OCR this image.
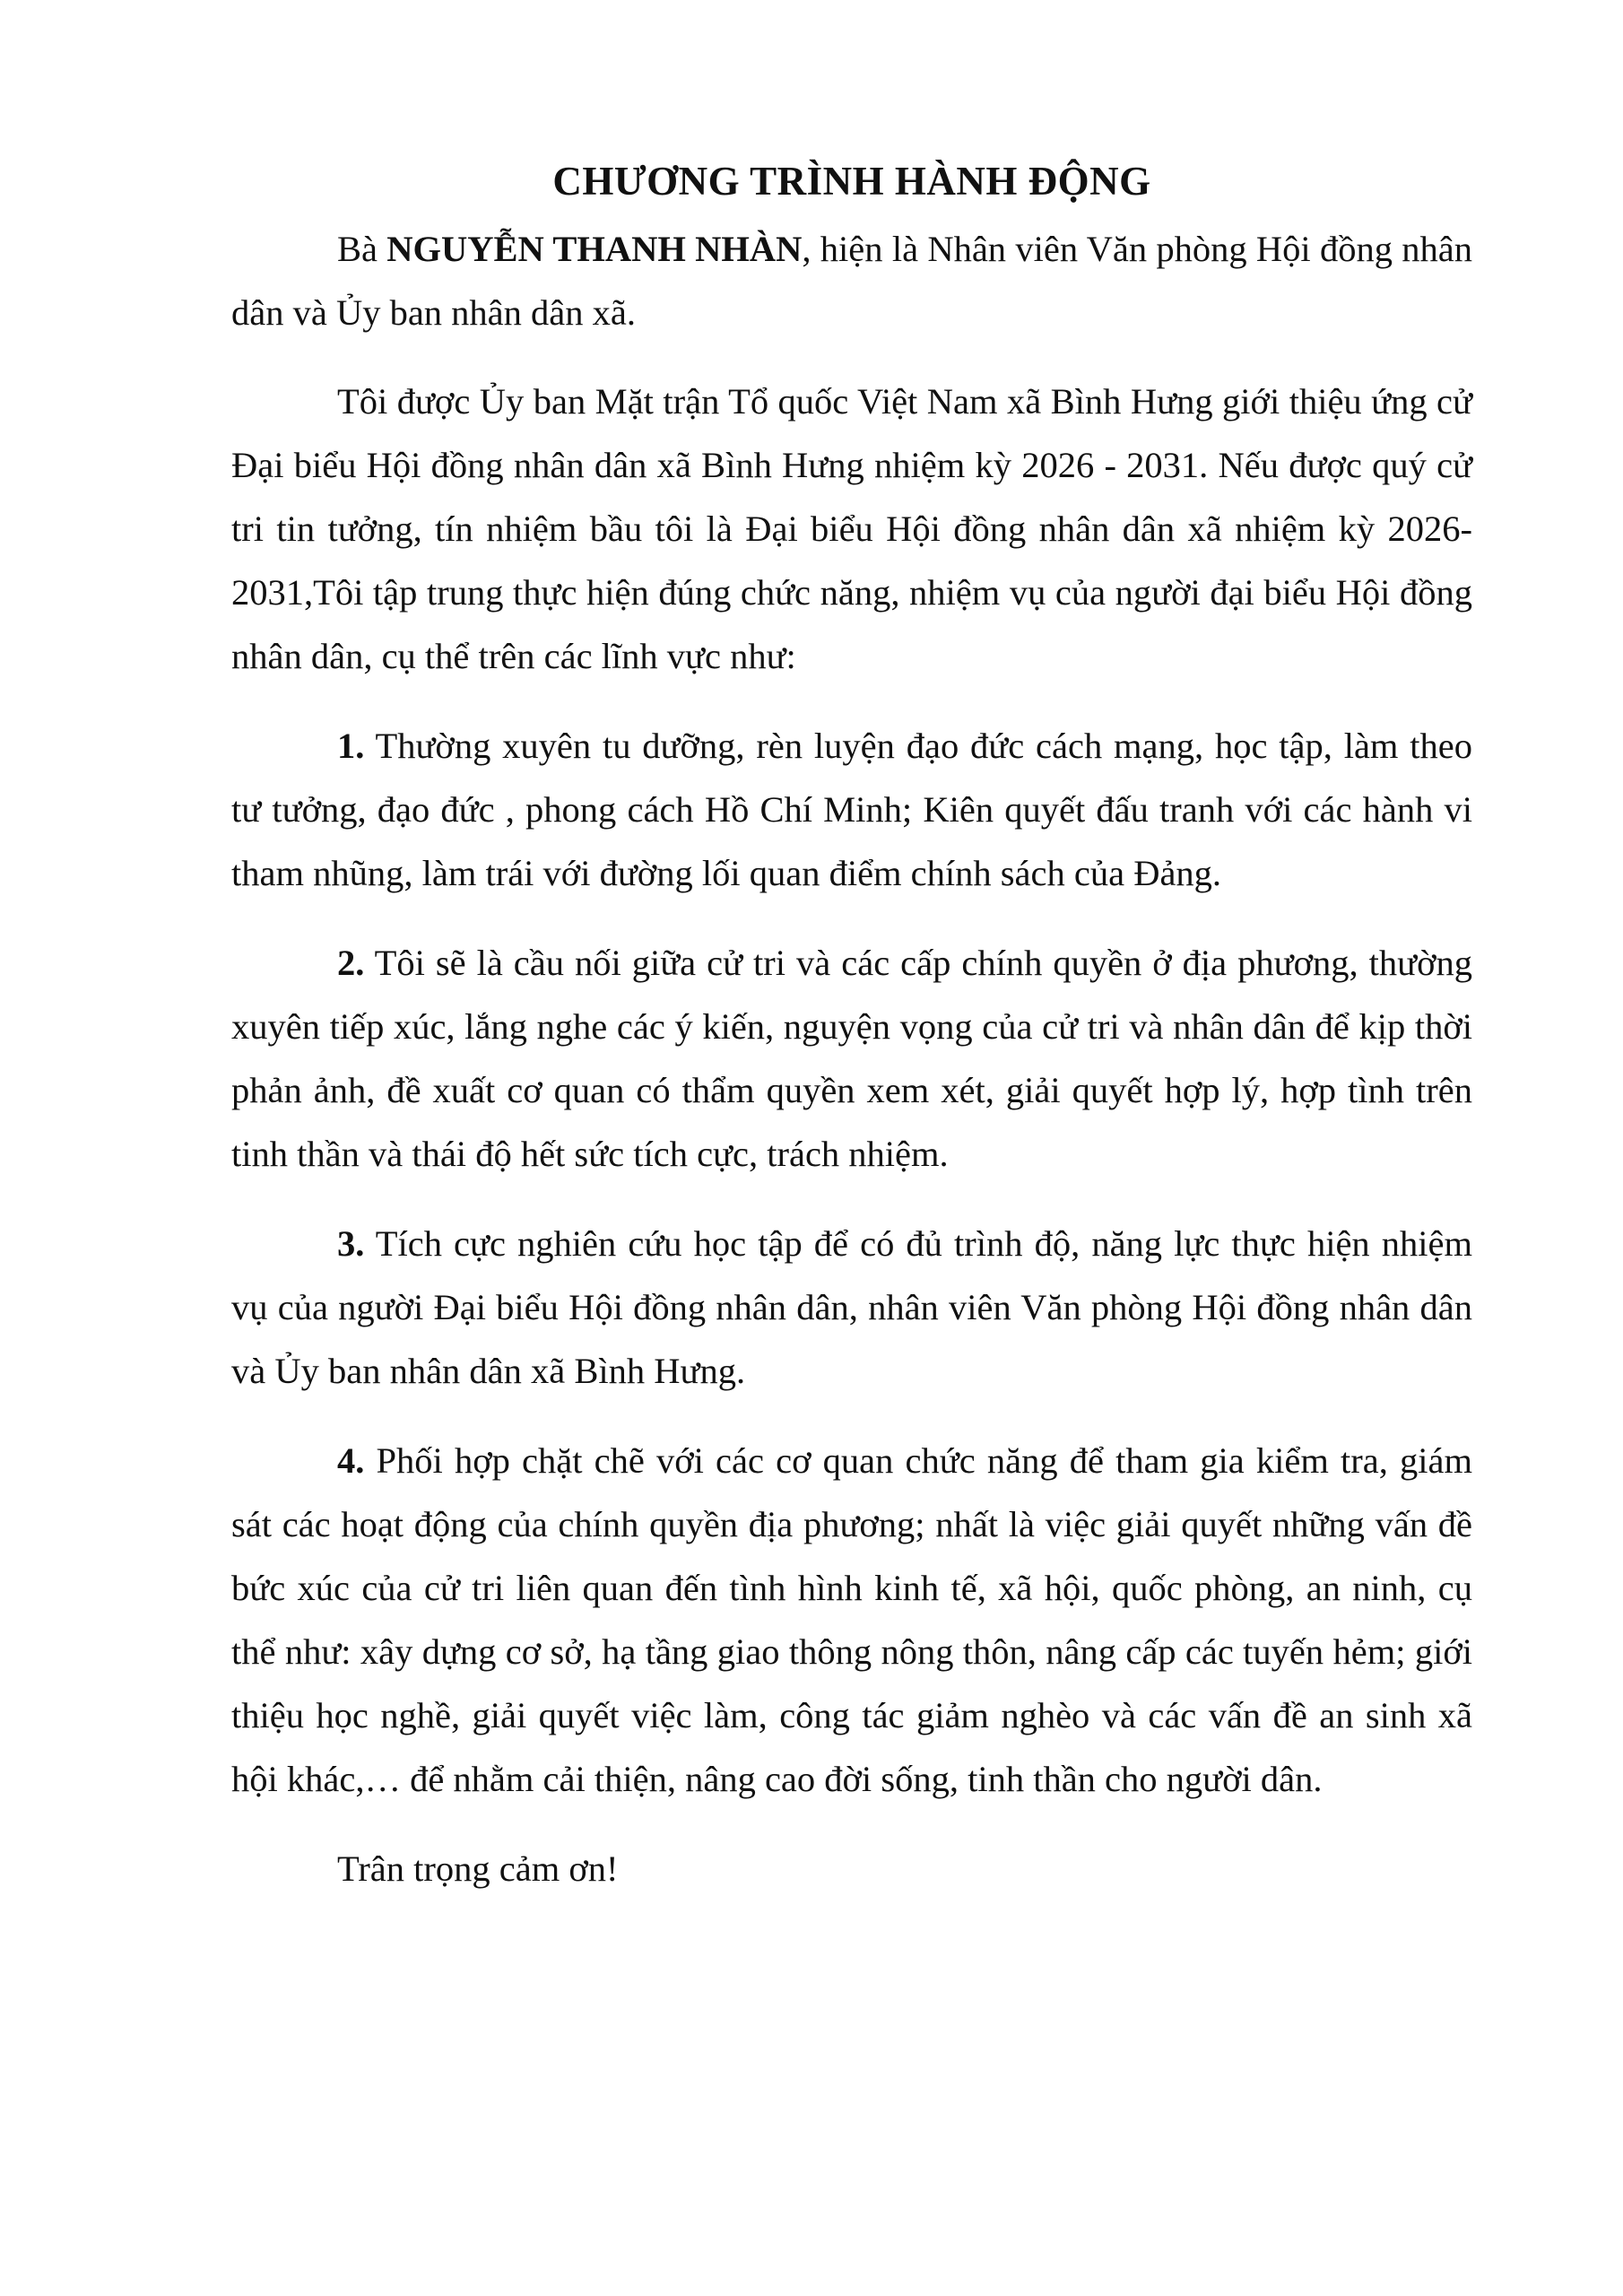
CHƯƠNG TRÌNH HÀNH ĐỘNG

Bà NGUYỄN THANH NHÀN, hiện là Nhân viên Văn phòng Hội đồng nhân dân và Ủy ban nhân dân xã.

Tôi được Ủy ban Mặt trận Tổ quốc Việt Nam xã Bình Hưng giới thiệu ứng cử Đại biểu Hội đồng nhân dân xã Bình Hưng nhiệm kỳ 2026 - 2031. Nếu được quý cử tri tin tưởng, tín nhiệm bầu tôi là Đại biểu Hội đồng nhân dân xã nhiệm kỳ 2026-2031,Tôi tập trung thực hiện đúng chức năng, nhiệm vụ của người đại biểu Hội đồng nhân dân, cụ thể trên các lĩnh vực như:

1. Thường xuyên tu dưỡng, rèn luyện đạo đức cách mạng, học tập, làm theo tư tưởng, đạo đức , phong cách Hồ Chí Minh; Kiên quyết đấu tranh với các hành vi tham nhũng, làm trái với đường lối quan điểm chính sách của Đảng.

2. Tôi sẽ là cầu nối giữa cử tri và các cấp chính quyền ở địa phương, thường xuyên tiếp xúc, lắng nghe các ý kiến, nguyện vọng của cử tri và nhân dân để kịp thời phản ảnh, đề xuất cơ quan có thẩm quyền xem xét, giải quyết hợp lý, hợp tình trên tinh thần và thái độ hết sức tích cực, trách nhiệm.

3. Tích cực nghiên cứu học tập để có đủ trình độ, năng lực thực hiện nhiệm vụ của người Đại biểu Hội đồng nhân dân, nhân viên Văn phòng Hội đồng nhân dân và Ủy ban nhân dân xã Bình Hưng.

4. Phối hợp chặt chẽ với các cơ quan chức năng để tham gia kiểm tra, giám sát các hoạt động của chính quyền địa phương; nhất là việc giải quyết những vấn đề bức xúc của cử tri liên quan đến tình hình kinh tế, xã hội, quốc phòng, an ninh, cụ thể như: xây dựng cơ sở, hạ tầng giao thông nông thôn, nâng cấp các tuyến hẻm; giới thiệu học nghề, giải quyết việc làm, công tác giảm nghèo và các vấn đề an sinh xã hội khác,… để nhằm cải thiện, nâng cao đời sống, tinh thần cho người dân.

Trân trọng cảm ơn!
